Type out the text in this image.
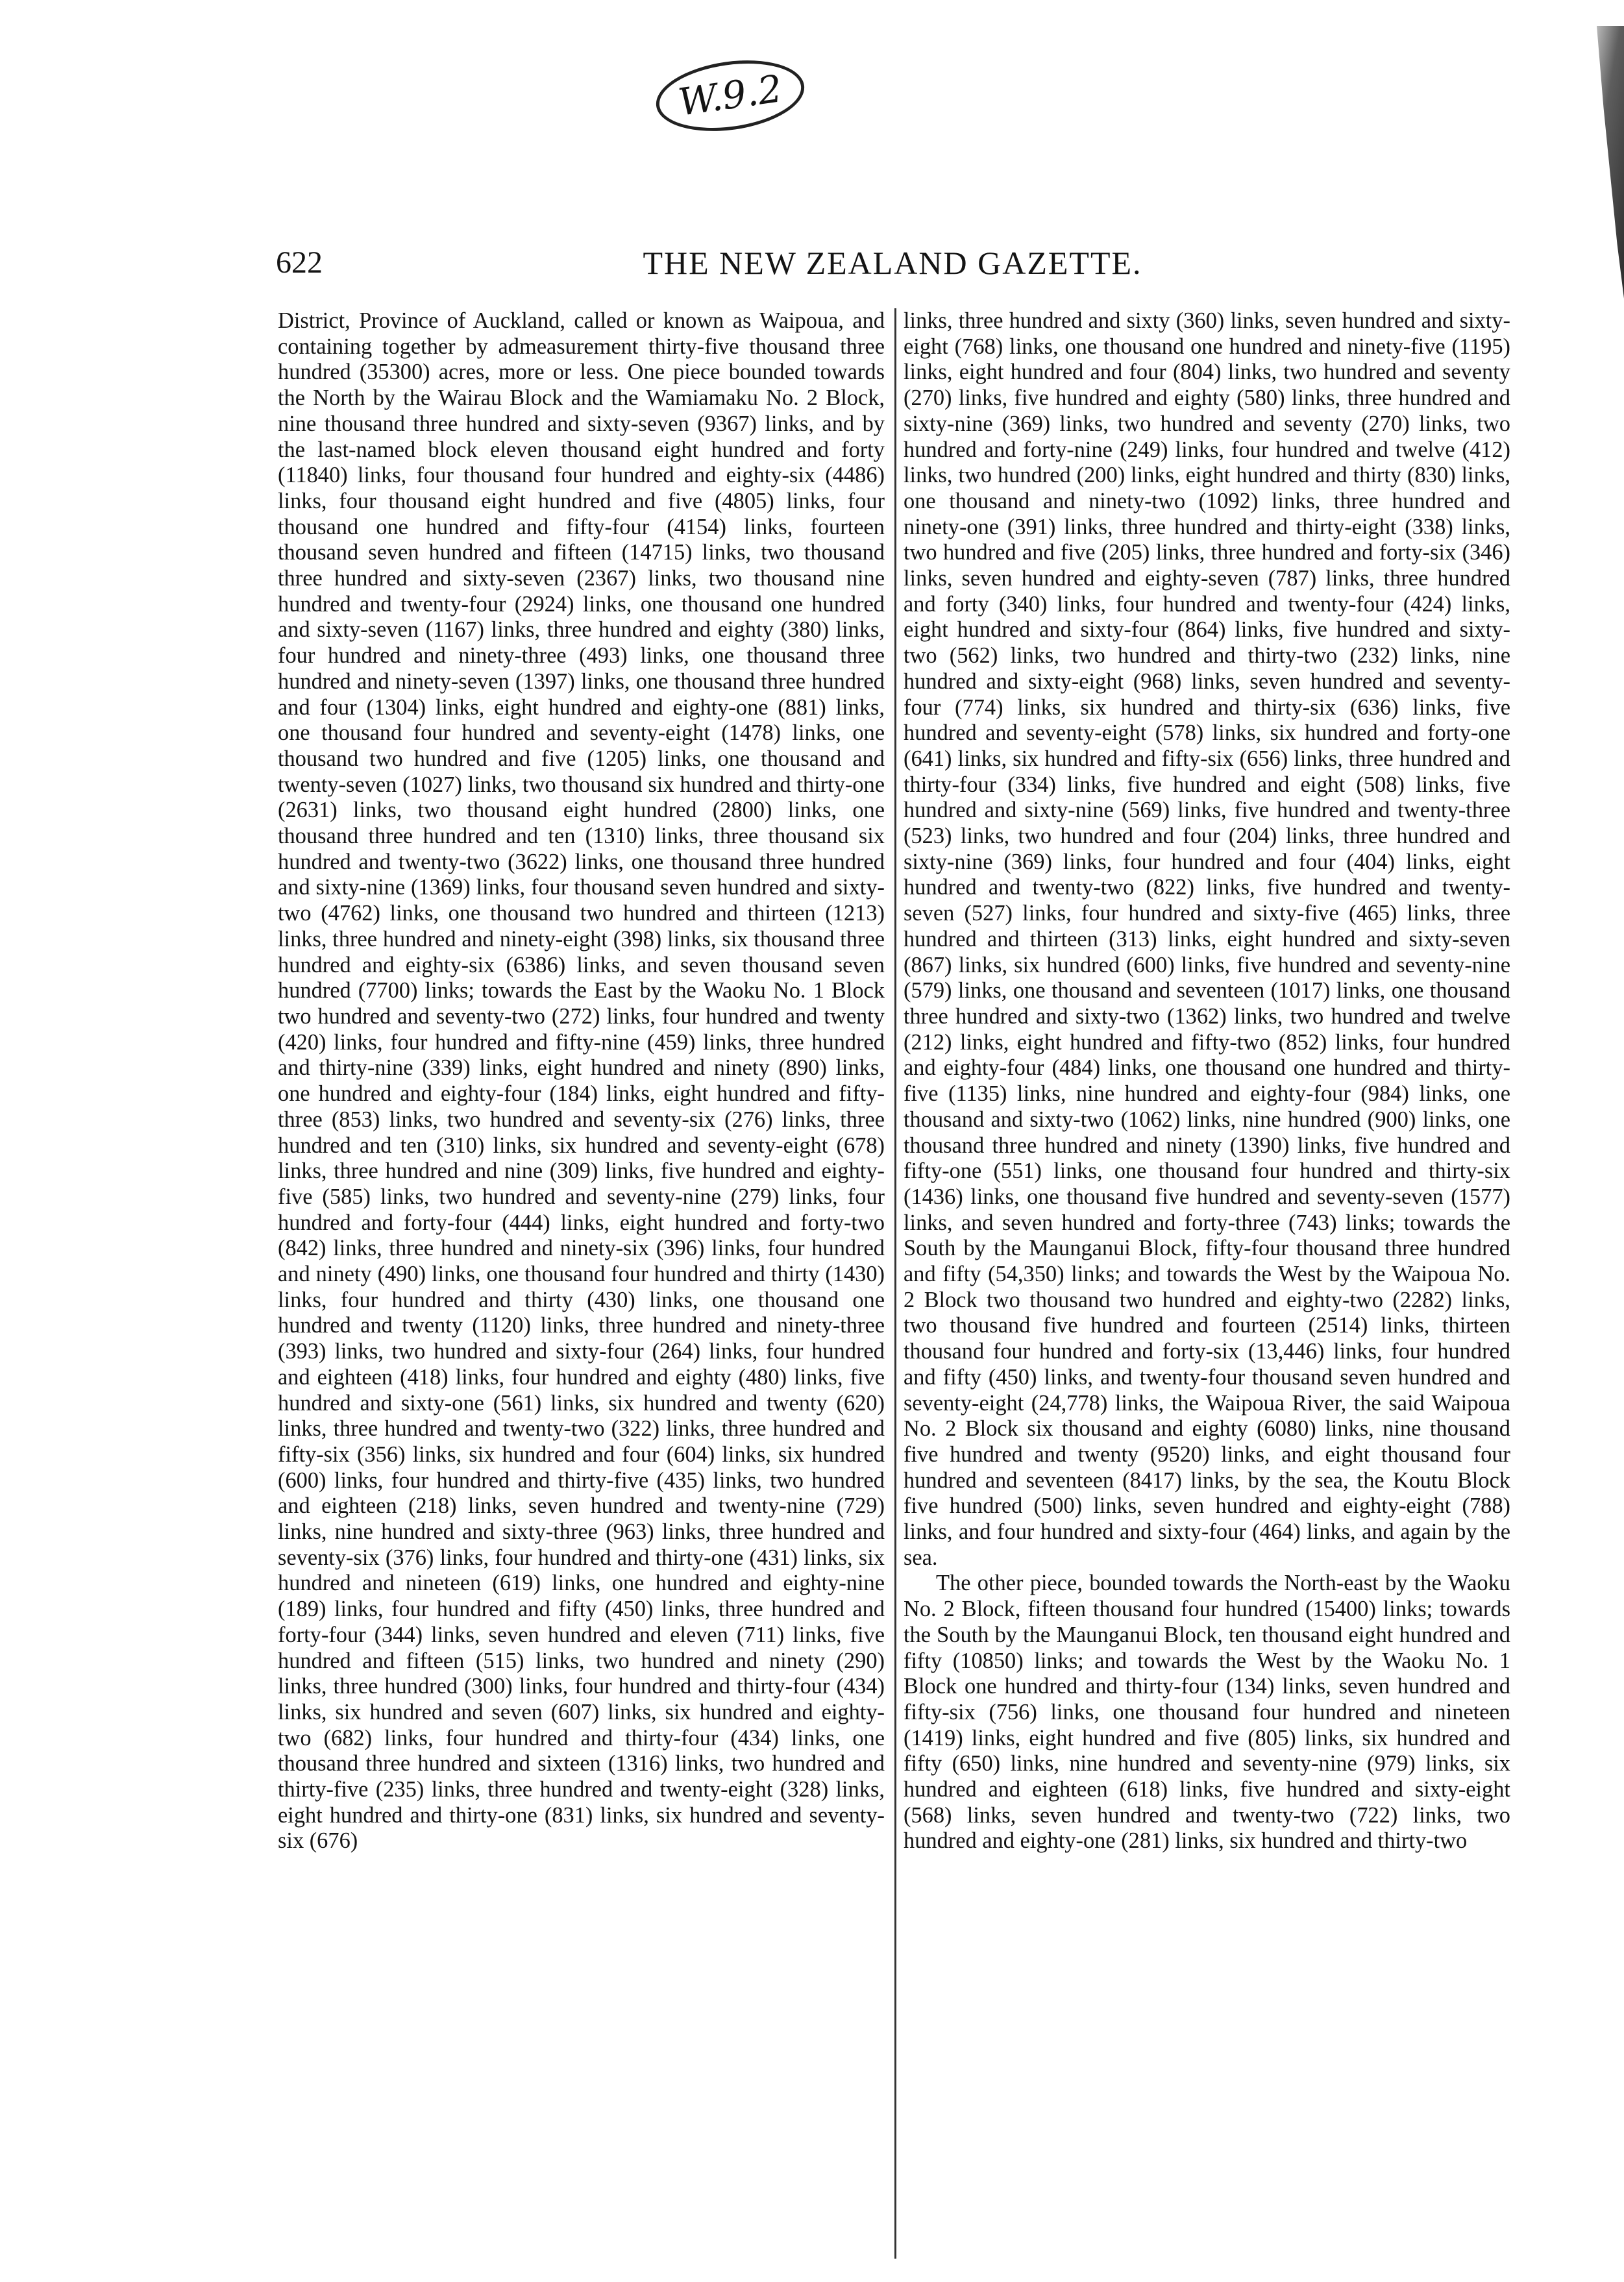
W.9.2
622	THE NEW ZEALAND GAZETTE.

District, Province of Auckland, called or known as Waipoua, and containing together by admeasurement thirty-five thousand three hundred (35300) acres, more or less. One piece bounded towards the North by the Wairau Block and the Wamiamaku No. 2 Block, nine thousand three hundred and sixty-seven (9367) links, and by the last-named block eleven thousand eight hundred and forty (11840) links, four thousand four hundred and eighty-six (4486) links, four thousand eight hundred and five (4805) links, four thousand one hundred and fifty-four (4154) links, fourteen thousand seven hundred and fifteen (14715) links, two thousand three hundred and sixty-seven (2367) links, two thousand nine hundred and twenty-four (2924) links, one thousand one hundred and sixty-seven (1167) links, three hundred and eighty (380) links, four hundred and ninety-three (493) links, one thousand three hundred and ninety-seven (1397) links, one thousand three hundred and four (1304) links, eight hundred and eighty-one (881) links, one thousand four hundred and seventy-eight (1478) links, one thousand two hundred and five (1205) links, one thousand and twenty-seven (1027) links, two thousand six hundred and thirty-one (2631) links, two thousand eight hundred (2800) links, one thousand three hundred and ten (1310) links, three thousand six hundred and twenty-two (3622) links, one thousand three hundred and sixty-nine (1369) links, four thousand seven hundred and sixty-two (4762) links, one thousand two hundred and thirteen (1213) links, three hundred and ninety-eight (398) links, six thousand three hundred and eighty-six (6386) links, and seven thousand seven hundred (7700) links; towards the East by the Waoku No. 1 Block two hundred and seventy-two (272) links, four hundred and twenty (420) links, four hundred and fifty-nine (459) links, three hundred and thirty-nine (339) links, eight hundred and ninety (890) links, one hundred and eighty-four (184) links, eight hundred and fifty-three (853) links, two hundred and seventy-six (276) links, three hundred and ten (310) links, six hundred and seventy-eight (678) links, three hundred and nine (309) links, five hundred and eighty-five (585) links, two hundred and seventy-nine (279) links, four hundred and forty-four (444) links, eight hundred and forty-two (842) links, three hundred and ninety-six (396) links, four hundred and ninety (490) links, one thousand four hundred and thirty (1430) links, four hundred and thirty (430) links, one thousand one hundred and twenty (1120) links, three hundred and ninety-three (393) links, two hundred and sixty-four (264) links, four hundred and eighteen (418) links, four hundred and eighty (480) links, five hundred and sixty-one (561) links, six hundred and twenty (620) links, three hundred and twenty-two (322) links, three hundred and fifty-six (356) links, six hundred and four (604) links, six hundred (600) links, four hundred and thirty-five (435) links, two hundred and eighteen (218) links, seven hundred and twenty-nine (729) links, nine hundred and sixty-three (963) links, three hundred and seventy-six (376) links, four hundred and thirty-one (431) links, six hundred and nineteen (619) links, one hundred and eighty-nine (189) links, four hundred and fifty (450) links, three hundred and forty-four (344) links, seven hundred and eleven (711) links, five hundred and fifteen (515) links, two hundred and ninety (290) links, three hundred (300) links, four hundred and thirty-four (434) links, six hundred and seven (607) links, six hundred and eighty-two (682) links, four hundred and thirty-four (434) links, one thousand three hundred and sixteen (1316) links, two hundred and thirty-five (235) links, three hundred and twenty-eight (328) links, eight hundred and thirty-one (831) links, six hundred and seventy-six (676)

links, three hundred and sixty (360) links, seven hundred and sixty-eight (768) links, one thousand one hundred and ninety-five (1195) links, eight hundred and four (804) links, two hundred and seventy (270) links, five hundred and eighty (580) links, three hundred and sixty-nine (369) links, two hundred and seventy (270) links, two hundred and forty-nine (249) links, four hundred and twelve (412) links, two hundred (200) links, eight hundred and thirty (830) links, one thousand and ninety-two (1092) links, three hundred and ninety-one (391) links, three hundred and thirty-eight (338) links, two hundred and five (205) links, three hundred and forty-six (346) links, seven hundred and eighty-seven (787) links, three hundred and forty (340) links, four hundred and twenty-four (424) links, eight hundred and sixty-four (864) links, five hundred and sixty-two (562) links, two hundred and thirty-two (232) links, nine hundred and sixty-eight (968) links, seven hundred and seventy-four (774) links, six hundred and thirty-six (636) links, five hundred and seventy-eight (578) links, six hundred and forty-one (641) links, six hundred and fifty-six (656) links, three hundred and thirty-four (334) links, five hundred and eight (508) links, five hundred and sixty-nine (569) links, five hundred and twenty-three (523) links, two hundred and four (204) links, three hundred and sixty-nine (369) links, four hundred and four (404) links, eight hundred and twenty-two (822) links, five hundred and twenty-seven (527) links, four hundred and sixty-five (465) links, three hundred and thirteen (313) links, eight hundred and sixty-seven (867) links, six hundred (600) links, five hundred and seventy-nine (579) links, one thousand and seventeen (1017) links, one thousand three hundred and sixty-two (1362) links, two hundred and twelve (212) links, eight hundred and fifty-two (852) links, four hundred and eighty-four (484) links, one thousand one hundred and thirty-five (1135) links, nine hundred and eighty-four (984) links, one thousand and sixty-two (1062) links, nine hundred (900) links, one thousand three hundred and ninety (1390) links, five hundred and fifty-one (551) links, one thousand four hundred and thirty-six (1436) links, one thousand five hundred and seventy-seven (1577) links, and seven hundred and forty-three (743) links; towards the South by the Maunganui Block, fifty-four thousand three hundred and fifty (54,350) links; and towards the West by the Waipoua No. 2 Block two thousand two hundred and eighty-two (2282) links, two thousand five hundred and fourteen (2514) links, thirteen thousand four hundred and forty-six (13,446) links, four hundred and fifty (450) links, and twenty-four thousand seven hundred and seventy-eight (24,778) links, the Waipoua River, the said Waipoua No. 2 Block six thousand and eighty (6080) links, nine thousand five hundred and twenty (9520) links, and eight thousand four hundred and seventeen (8417) links, by the sea, the Koutu Block five hundred (500) links, seven hundred and eighty-eight (788) links, and four hundred and sixty-four (464) links, and again by the sea.

The other piece, bounded towards the North-east by the Waoku No. 2 Block, fifteen thousand four hundred (15400) links; towards the South by the Maunganui Block, ten thousand eight hundred and fifty (10850) links; and towards the West by the Waoku No. 1 Block one hundred and thirty-four (134) links, seven hundred and fifty-six (756) links, one thousand four hundred and nineteen (1419) links, eight hundred and five (805) links, six hundred and fifty (650) links, nine hundred and seventy-nine (979) links, six hundred and eighteen (618) links, five hundred and sixty-eight (568) links, seven hundred and twenty-two (722) links, two hundred and eighty-one (281) links, six hundred and thirty-two
